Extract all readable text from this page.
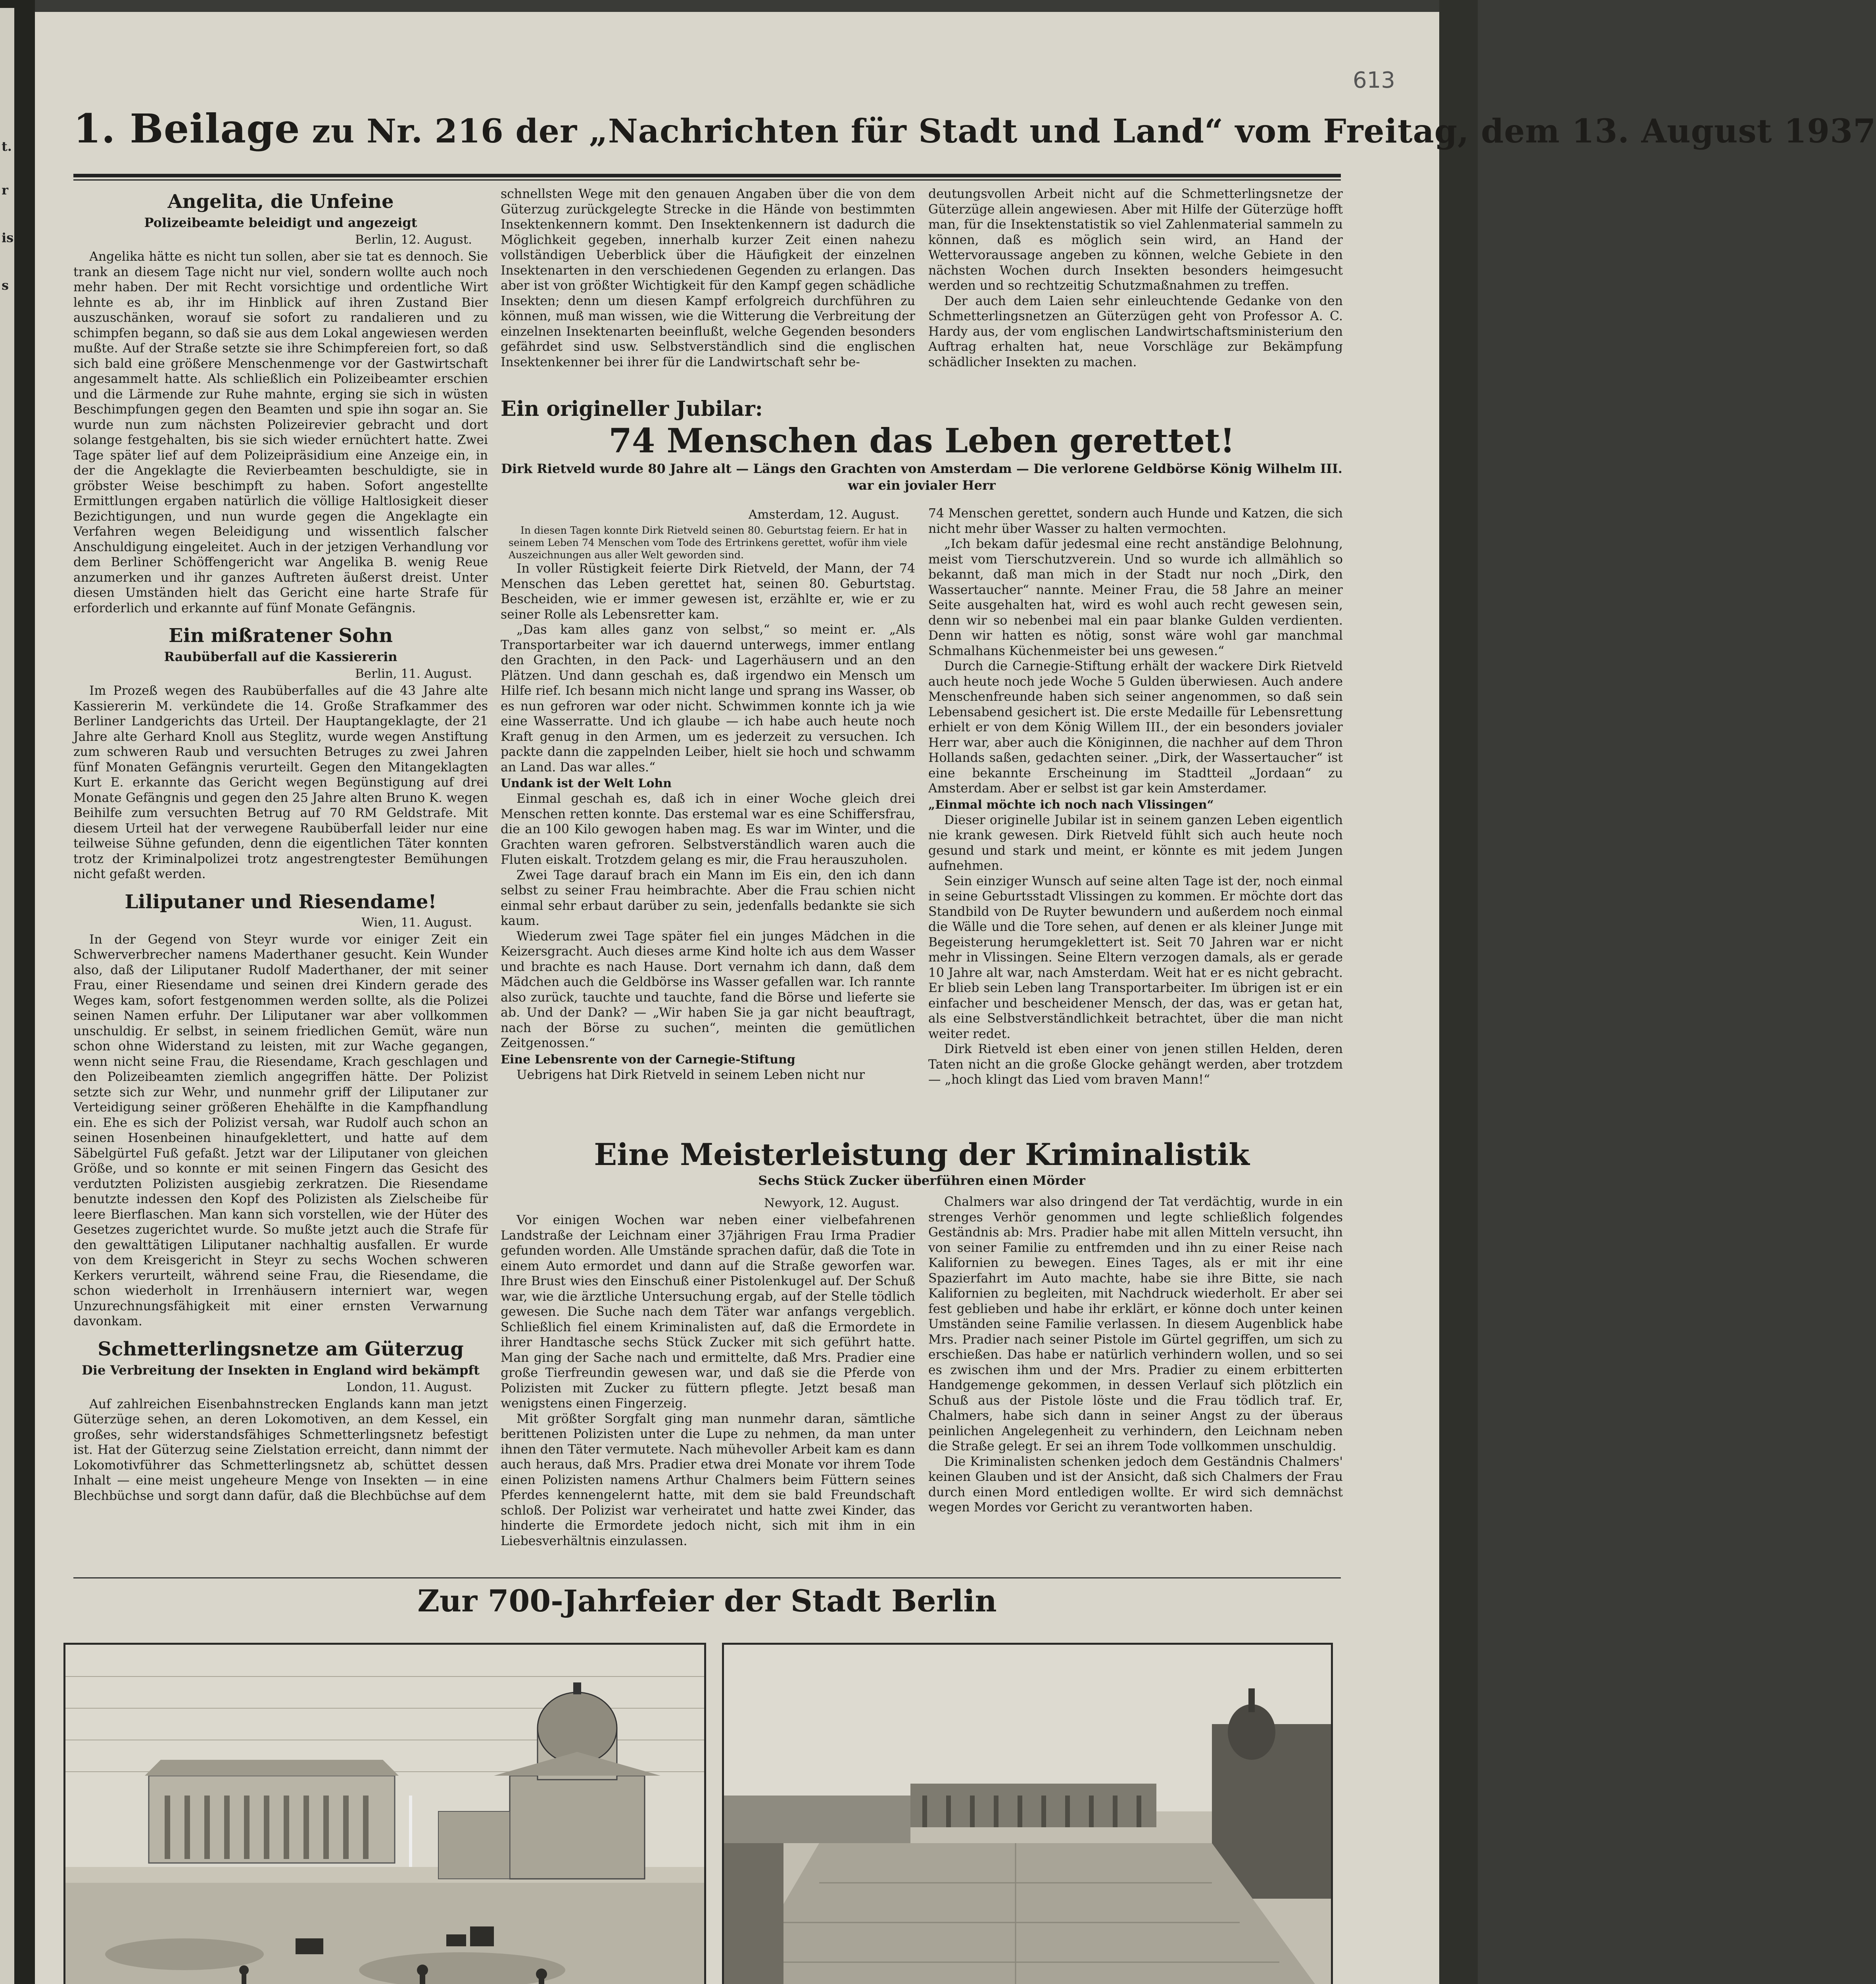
t.
r
is
s
613
1. Beilage zu Nr. 216 der „Nachrichten für Stadt und Land“ vom Freitag, dem 13. August 1937
Angelita, die Unfeine
Polizeibeamte beleidigt und angezeigt
Berlin, 12. August.

Angelika hätte es nicht tun sollen, aber sie tat es dennoch. Sie trank an diesem Tage nicht nur viel, sondern wollte auch noch mehr haben. Der mit Recht vorsichtige und ordentliche Wirt lehnte es ab, ihr im Hinblick auf ihren Zustand Bier auszuschänken, worauf sie sofort zu randalieren und zu schimpfen begann, so daß sie aus dem Lokal angewiesen werden mußte. Auf der Straße setzte sie ihre Schimpfereien fort, so daß sich bald eine größere Menschenmenge vor der Gastwirtschaft angesammelt hatte. Als schließlich ein Polizeibeamter erschien und die Lärmende zur Ruhe mahnte, erging sie sich in wüsten Beschimpfungen gegen den Beamten und spie ihn sogar an. Sie wurde nun zum nächsten Polizeirevier gebracht und dort solange festgehalten, bis sie sich wieder ernüchtert hatte. Zwei Tage später lief auf dem Polizeipräsidium eine Anzeige ein, in der die Angeklagte die Revierbeamten beschuldigte, sie in gröbster Weise beschimpft zu haben. Sofort angestellte Ermittlungen ergaben natürlich die völlige Haltlosigkeit dieser Bezichtigungen, und nun wurde gegen die Angeklagte ein Verfahren wegen Beleidigung und wissentlich falscher Anschuldigung eingeleitet. Auch in der jetzigen Verhandlung vor dem Berliner Schöffengericht war Angelika B. wenig Reue anzumerken und ihr ganzes Auftreten äußerst dreist. Unter diesen Umständen hielt das Gericht eine harte Strafe für erforderlich und erkannte auf fünf Monate Gefängnis.

Ein mißratener Sohn
Raubüberfall auf die Kassiererin
Berlin, 11. August.

Im Prozeß wegen des Raubüberfalles auf die 43 Jahre alte Kassiererin M. verkündete die 14. Große Strafkammer des Berliner Landgerichts das Urteil. Der Hauptangeklagte, der 21 Jahre alte Gerhard Knoll aus Steglitz, wurde wegen Anstiftung zum schweren Raub und versuchten Betruges zu zwei Jahren fünf Monaten Gefängnis verurteilt. Gegen den Mitangeklagten Kurt E. erkannte das Gericht wegen Begünstigung auf drei Monate Gefängnis und gegen den 25 Jahre alten Bruno K. wegen Beihilfe zum versuchten Betrug auf 70 RM Geldstrafe. Mit diesem Urteil hat der verwegene Raubüberfall leider nur eine teilweise Sühne gefunden, denn die eigentlichen Täter konnten trotz der Kriminalpolizei trotz angestrengtester Bemühungen nicht gefaßt werden.

Liliputaner und Riesendame!
Wien, 11. August.

In der Gegend von Steyr wurde vor einiger Zeit ein Schwerverbrecher namens Maderthaner gesucht. Kein Wunder also, daß der Liliputaner Rudolf Maderthaner, der mit seiner Frau, einer Riesendame und seinen drei Kindern gerade des Weges kam, sofort festgenommen werden sollte, als die Polizei seinen Namen erfuhr. Der Liliputaner war aber vollkommen unschuldig. Er selbst, in seinem friedlichen Gemüt, wäre nun schon ohne Widerstand zu leisten, mit zur Wache gegangen, wenn nicht seine Frau, die Riesendame, Krach geschlagen und den Polizeibeamten ziemlich angegriffen hätte. Der Polizist setzte sich zur Wehr, und nunmehr griff der Liliputaner zur Verteidigung seiner größeren Ehehälfte in die Kampfhandlung ein. Ehe es sich der Polizist versah, war Rudolf auch schon an seinen Hosenbeinen hinaufgeklettert, und hatte auf dem Säbelgürtel Fuß gefaßt. Jetzt war der Liliputaner von gleichen Größe, und so konnte er mit seinen Fingern das Gesicht des verdutzten Polizisten ausgiebig zerkratzen. Die Riesendame benutzte indessen den Kopf des Polizisten als Zielscheibe für leere Bierflaschen. Man kann sich vorstellen, wie der Hüter des Gesetzes zugerichtet wurde. So mußte jetzt auch die Strafe für den gewalttätigen Liliputaner nachhaltig ausfallen. Er wurde von dem Kreisgericht in Steyr zu sechs Wochen schweren Kerkers verurteilt, während seine Frau, die Riesendame, die schon wiederholt in Irrenhäusern interniert war, wegen Unzurechnungsfähigkeit mit einer ernsten Verwarnung davonkam.

Schmetterlingsnetze am Güterzug
Die Verbreitung der Insekten in England wird bekämpft
London, 11. August.

Auf zahlreichen Eisenbahnstrecken Englands kann man jetzt Güterzüge sehen, an deren Lokomotiven, an dem Kessel, ein großes, sehr widerstandsfähiges Schmetterlingsnetz befestigt ist. Hat der Güterzug seine Zielstation erreicht, dann nimmt der Lokomotivführer das Schmetterlingsnetz ab, schüttet dessen Inhalt — eine meist ungeheure Menge von Insekten — in eine Blechbüchse und sorgt dann dafür, daß die Blechbüchse auf dem

schnellsten Wege mit den genauen Angaben über die von dem Güterzug zurückgelegte Strecke in die Hände von bestimmten Insektenkennern kommt. Den Insektenkennern ist dadurch die Möglichkeit gegeben, innerhalb kurzer Zeit einen nahezu vollständigen Ueberblick über die Häufigkeit der einzelnen Insektenarten in den verschiedenen Gegenden zu erlangen. Das aber ist von größter Wichtigkeit für den Kampf gegen schädliche Insekten; denn um diesen Kampf erfolgreich durchführen zu können, muß man wissen, wie die Witterung die Verbreitung der einzelnen Insektenarten beeinflußt, welche Gegenden besonders gefährdet sind usw. Selbstverständlich sind die englischen Insektenkenner bei ihrer für die Landwirtschaft sehr be-

deutungsvollen Arbeit nicht auf die Schmetterlingsnetze der Güterzüge allein angewiesen. Aber mit Hilfe der Güterzüge hofft man, für die Insektenstatistik so viel Zahlenmaterial sammeln zu können, daß es möglich sein wird, an Hand der Wettervoraussage angeben zu können, welche Gebiete in den nächsten Wochen durch Insekten besonders heimgesucht werden und so rechtzeitig Schutzmaßnahmen zu treffen.

Der auch dem Laien sehr einleuchtende Gedanke von den Schmetterlingsnetzen an Güterzügen geht von Professor A. C. Hardy aus, der vom englischen Landwirtschaftsministerium den Auftrag erhalten hat, neue Vorschläge zur Bekämpfung schädlicher Insekten zu machen.

Ein origineller Jubilar:
74 Menschen das Leben gerettet!
Dirk Rietveld wurde 80 Jahre alt — Längs den Grachten von Amsterdam — Die verlorene Geldbörse König Wilhelm III. war ein jovialer Herr
Amsterdam, 12. August.

In diesen Tagen konnte Dirk Rietveld seinen 80. Geburtstag feiern. Er hat in seinem Leben 74 Menschen vom Tode des Ertrinkens gerettet, wofür ihm viele Auszeichnungen aus aller Welt geworden sind.

In voller Rüstigkeit feierte Dirk Rietveld, der Mann, der 74 Menschen das Leben gerettet hat, seinen 80. Geburtstag. Bescheiden, wie er immer gewesen ist, erzählte er, wie er zu seiner Rolle als Lebensretter kam.

„Das kam alles ganz von selbst,“ so meint er. „Als Transportarbeiter war ich dauernd unterwegs, immer entlang den Grachten, in den Pack- und Lagerhäusern und an den Plätzen. Und dann geschah es, daß irgendwo ein Mensch um Hilfe rief. Ich besann mich nicht lange und sprang ins Wasser, ob es nun gefroren war oder nicht. Schwimmen konnte ich ja wie eine Wasserratte. Und ich glaube — ich habe auch heute noch Kraft genug in den Armen, um es jederzeit zu versuchen. Ich packte dann die zappelnden Leiber, hielt sie hoch und schwamm an Land. Das war alles.“

Undank ist der Welt Lohn

Einmal geschah es, daß ich in einer Woche gleich drei Menschen retten konnte. Das erstemal war es eine Schiffersfrau, die an 100 Kilo gewogen haben mag. Es war im Winter, und die Grachten waren gefroren. Selbstverständlich waren auch die Fluten eiskalt. Trotzdem gelang es mir, die Frau herauszuholen.

Zwei Tage darauf brach ein Mann im Eis ein, den ich dann selbst zu seiner Frau heimbrachte. Aber die Frau schien nicht einmal sehr erbaut darüber zu sein, jedenfalls bedankte sie sich kaum.

Wiederum zwei Tage später fiel ein junges Mädchen in die Keizersgracht. Auch dieses arme Kind holte ich aus dem Wasser und brachte es nach Hause. Dort vernahm ich dann, daß dem Mädchen auch die Geldbörse ins Wasser gefallen war. Ich rannte also zurück, tauchte und tauchte, fand die Börse und lieferte sie ab. Und der Dank? — „Wir haben Sie ja gar nicht beauftragt, nach der Börse zu suchen“, meinten die gemütlichen Zeitgenossen.“

Eine Lebensrente von der Carnegie-Stiftung

Uebrigens hat Dirk Rietveld in seinem Leben nicht nur

74 Menschen gerettet, sondern auch Hunde und Katzen, die sich nicht mehr über Wasser zu halten vermochten.

„Ich bekam dafür jedesmal eine recht anständige Belohnung, meist vom Tierschutzverein. Und so wurde ich allmählich so bekannt, daß man mich in der Stadt nur noch „Dirk, den Wassertaucher“ nannte. Meiner Frau, die 58 Jahre an meiner Seite ausgehalten hat, wird es wohl auch recht gewesen sein, denn wir so nebenbei mal ein paar blanke Gulden verdienten. Denn wir hatten es nötig, sonst wäre wohl gar manchmal Schmalhans Küchenmeister bei uns gewesen.“

Durch die Carnegie-Stiftung erhält der wackere Dirk Rietveld auch heute noch jede Woche 5 Gulden überwiesen. Auch andere Menschenfreunde haben sich seiner angenommen, so daß sein Lebensabend gesichert ist. Die erste Medaille für Lebensrettung erhielt er von dem König Willem III., der ein besonders jovialer Herr war, aber auch die Königinnen, die nachher auf dem Thron Hollands saßen, gedachten seiner. „Dirk, der Wassertaucher“ ist eine bekannte Erscheinung im Stadtteil „Jordaan“ zu Amsterdam. Aber er selbst ist gar kein Amsterdamer.

„Einmal möchte ich noch nach Vlissingen“

Dieser originelle Jubilar ist in seinem ganzen Leben eigentlich nie krank gewesen. Dirk Rietveld fühlt sich auch heute noch gesund und stark und meint, er könnte es mit jedem Jungen aufnehmen.

Sein einziger Wunsch auf seine alten Tage ist der, noch einmal in seine Geburtsstadt Vlissingen zu kommen. Er möchte dort das Standbild von De Ruyter bewundern und außerdem noch einmal die Wälle und die Tore sehen, auf denen er als kleiner Junge mit Begeisterung herumgeklettert ist. Seit 70 Jahren war er nicht mehr in Vlissingen. Seine Eltern verzogen damals, als er gerade 10 Jahre alt war, nach Amsterdam. Weit hat er es nicht gebracht. Er blieb sein Leben lang Transportarbeiter. Im übrigen ist er ein einfacher und bescheidener Mensch, der das, was er getan hat, als eine Selbstverständlichkeit betrachtet, über die man nicht weiter redet.

Dirk Rietveld ist eben einer von jenen stillen Helden, deren Taten nicht an die große Glocke gehängt werden, aber trotzdem — „hoch klingt das Lied vom braven Mann!“

Eine Meisterleistung der Kriminalistik
Sechs Stück Zucker überführen einen Mörder
Newyork, 12. August.

Vor einigen Wochen war neben einer vielbefahrenen Landstraße der Leichnam einer 37jährigen Frau Irma Pradier gefunden worden. Alle Umstände sprachen dafür, daß die Tote in einem Auto ermordet und dann auf die Straße geworfen war. Ihre Brust wies den Einschuß einer Pistolenkugel auf. Der Schuß war, wie die ärztliche Untersuchung ergab, auf der Stelle tödlich gewesen. Die Suche nach dem Täter war anfangs vergeblich. Schließlich fiel einem Kriminalisten auf, daß die Ermordete in ihrer Handtasche sechs Stück Zucker mit sich geführt hatte. Man ging der Sache nach und ermittelte, daß Mrs. Pradier eine große Tierfreundin gewesen war, und daß sie die Pferde von Polizisten mit Zucker zu füttern pflegte. Jetzt besaß man wenigstens einen Fingerzeig.

Mit größter Sorgfalt ging man nunmehr daran, sämtliche berittenen Polizisten unter die Lupe zu nehmen, da man unter ihnen den Täter vermutete. Nach mühevoller Arbeit kam es dann auch heraus, daß Mrs. Pradier etwa drei Monate vor ihrem Tode einen Polizisten namens Arthur Chalmers beim Füttern seines Pferdes kennengelernt hatte, mit dem sie bald Freundschaft schloß. Der Polizist war verheiratet und hatte zwei Kinder, das hinderte die Ermordete jedoch nicht, sich mit ihm in ein Liebesverhältnis einzulassen.

Chalmers war also dringend der Tat verdächtig, wurde in ein strenges Verhör genommen und legte schließlich folgendes Geständnis ab: Mrs. Pradier habe mit allen Mitteln versucht, ihn von seiner Familie zu entfremden und ihn zu einer Reise nach Kalifornien zu bewegen. Eines Tages, als er mit ihr eine Spazierfahrt im Auto machte, habe sie ihre Bitte, sie nach Kalifornien zu begleiten, mit Nachdruck wiederholt. Er aber sei fest geblieben und habe ihr erklärt, er könne doch unter keinen Umständen seine Familie verlassen. In diesem Augenblick habe Mrs. Pradier nach seiner Pistole im Gürtel gegriffen, um sich zu erschießen. Das habe er natürlich verhindern wollen, und so sei es zwischen ihm und der Mrs. Pradier zu einem erbitterten Handgemenge gekommen, in dessen Verlauf sich plötzlich ein Schuß aus der Pistole löste und die Frau tödlich traf. Er, Chalmers, habe sich dann in seiner Angst zu der überaus peinlichen Angelegenheit zu verhindern, den Leichnam neben die Straße gelegt. Er sei an ihrem Tode vollkommen unschuldig.

Die Kriminalisten schenken jedoch dem Geständnis Chalmers' keinen Glauben und ist der Ansicht, daß sich Chalmers der Frau durch einen Mord entledigen wollte. Er wird sich demnächst wegen Mordes vor Gericht zu verantworten haben.

Zur 700-Jahrfeier der Stadt Berlin
